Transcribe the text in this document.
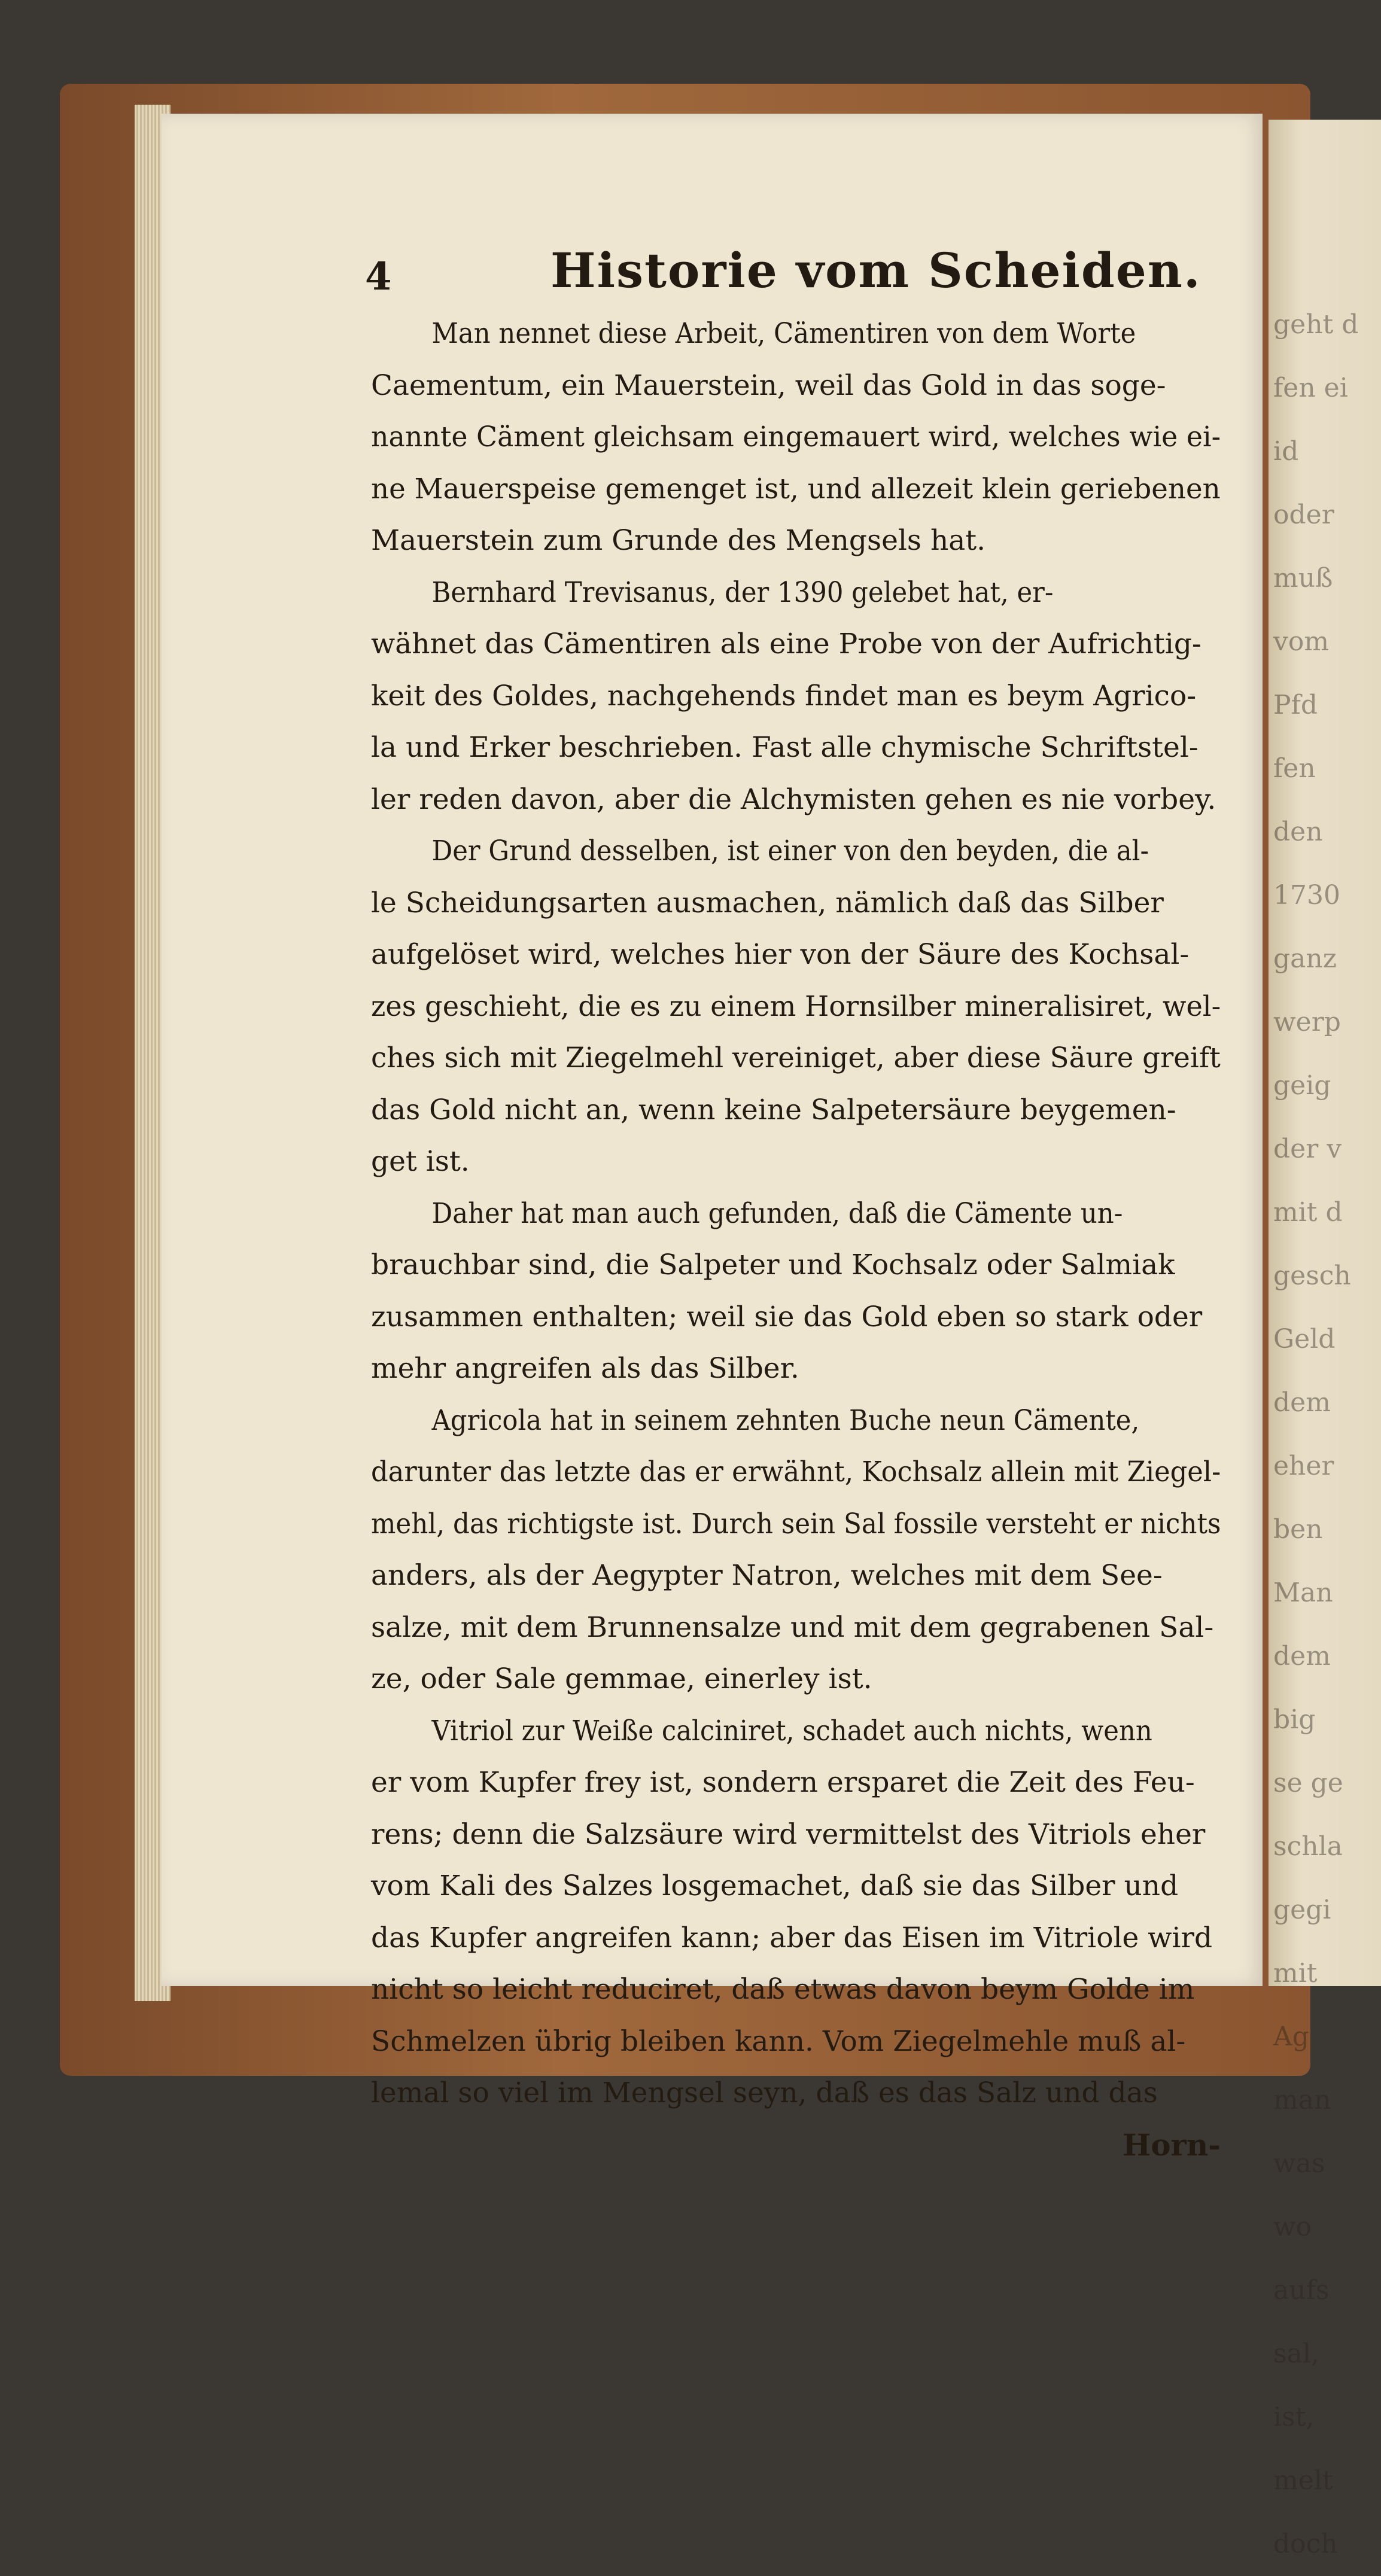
geht d
fen ei
id
oder
muß
vom
Pfd
fen
den
1730
ganz
werp
geig
der v
mit d
gesch
Geld
dem
eher
ben
Man
dem
big
se ge
schla
gegi
mit
Ag
man
was
wo
aufs
sal,
ist,
melt
doch
4	Historie vom Scheiden.

Man nennet diese Arbeit, Cämentiren von dem Worte
Caementum, ein Mauerstein, weil das Gold in das soge-
nannte Cäment gleichsam eingemauert wird, welches wie ei-
ne Mauerspeise gemenget ist, und allezeit klein geriebenen
Mauerstein zum Grunde des Mengsels hat.

Bernhard Trevisanus, der 1390 gelebet hat, er-
wähnet das Cämentiren als eine Probe von der Aufrichtig-
keit des Goldes, nachgehends findet man es beym Agrico-
la und Erker beschrieben. Fast alle chymische Schriftstel-
ler reden davon, aber die Alchymisten gehen es nie vorbey.

Der Grund desselben, ist einer von den beyden, die al-
le Scheidungsarten ausmachen, nämlich daß das Silber
aufgelöset wird, welches hier von der Säure des Kochsal-
zes geschieht, die es zu einem Hornsilber mineralisiret, wel-
ches sich mit Ziegelmehl vereiniget, aber diese Säure greift
das Gold nicht an, wenn keine Salpetersäure beygemen-
get ist.

Daher hat man auch gefunden, daß die Cämente un-
brauchbar sind, die Salpeter und Kochsalz oder Salmiak
zusammen enthalten; weil sie das Gold eben so stark oder
mehr angreifen als das Silber.

Agricola hat in seinem zehnten Buche neun Cämente,
darunter das letzte das er erwähnt, Kochsalz allein mit Ziegel-
mehl, das richtigste ist. Durch sein Sal fossile versteht er nichts
anders, als der Aegypter Natron, welches mit dem See-
salze, mit dem Brunnensalze und mit dem gegrabenen Sal-
ze, oder Sale gemmae, einerley ist.

Vitriol zur Weiße calciniret, schadet auch nichts, wenn
er vom Kupfer frey ist, sondern ersparet die Zeit des Feu-
rens; denn die Salzsäure wird vermittelst des Vitriols eher
vom Kali des Salzes losgemachet, daß sie das Silber und
das Kupfer angreifen kann; aber das Eisen im Vitriole wird
nicht so leicht reduciret, daß etwas davon beym Golde im
Schmelzen übrig bleiben kann. Vom Ziegelmehle muß al-
lemal so viel im Mengsel seyn, daß es das Salz und das

Horn-
